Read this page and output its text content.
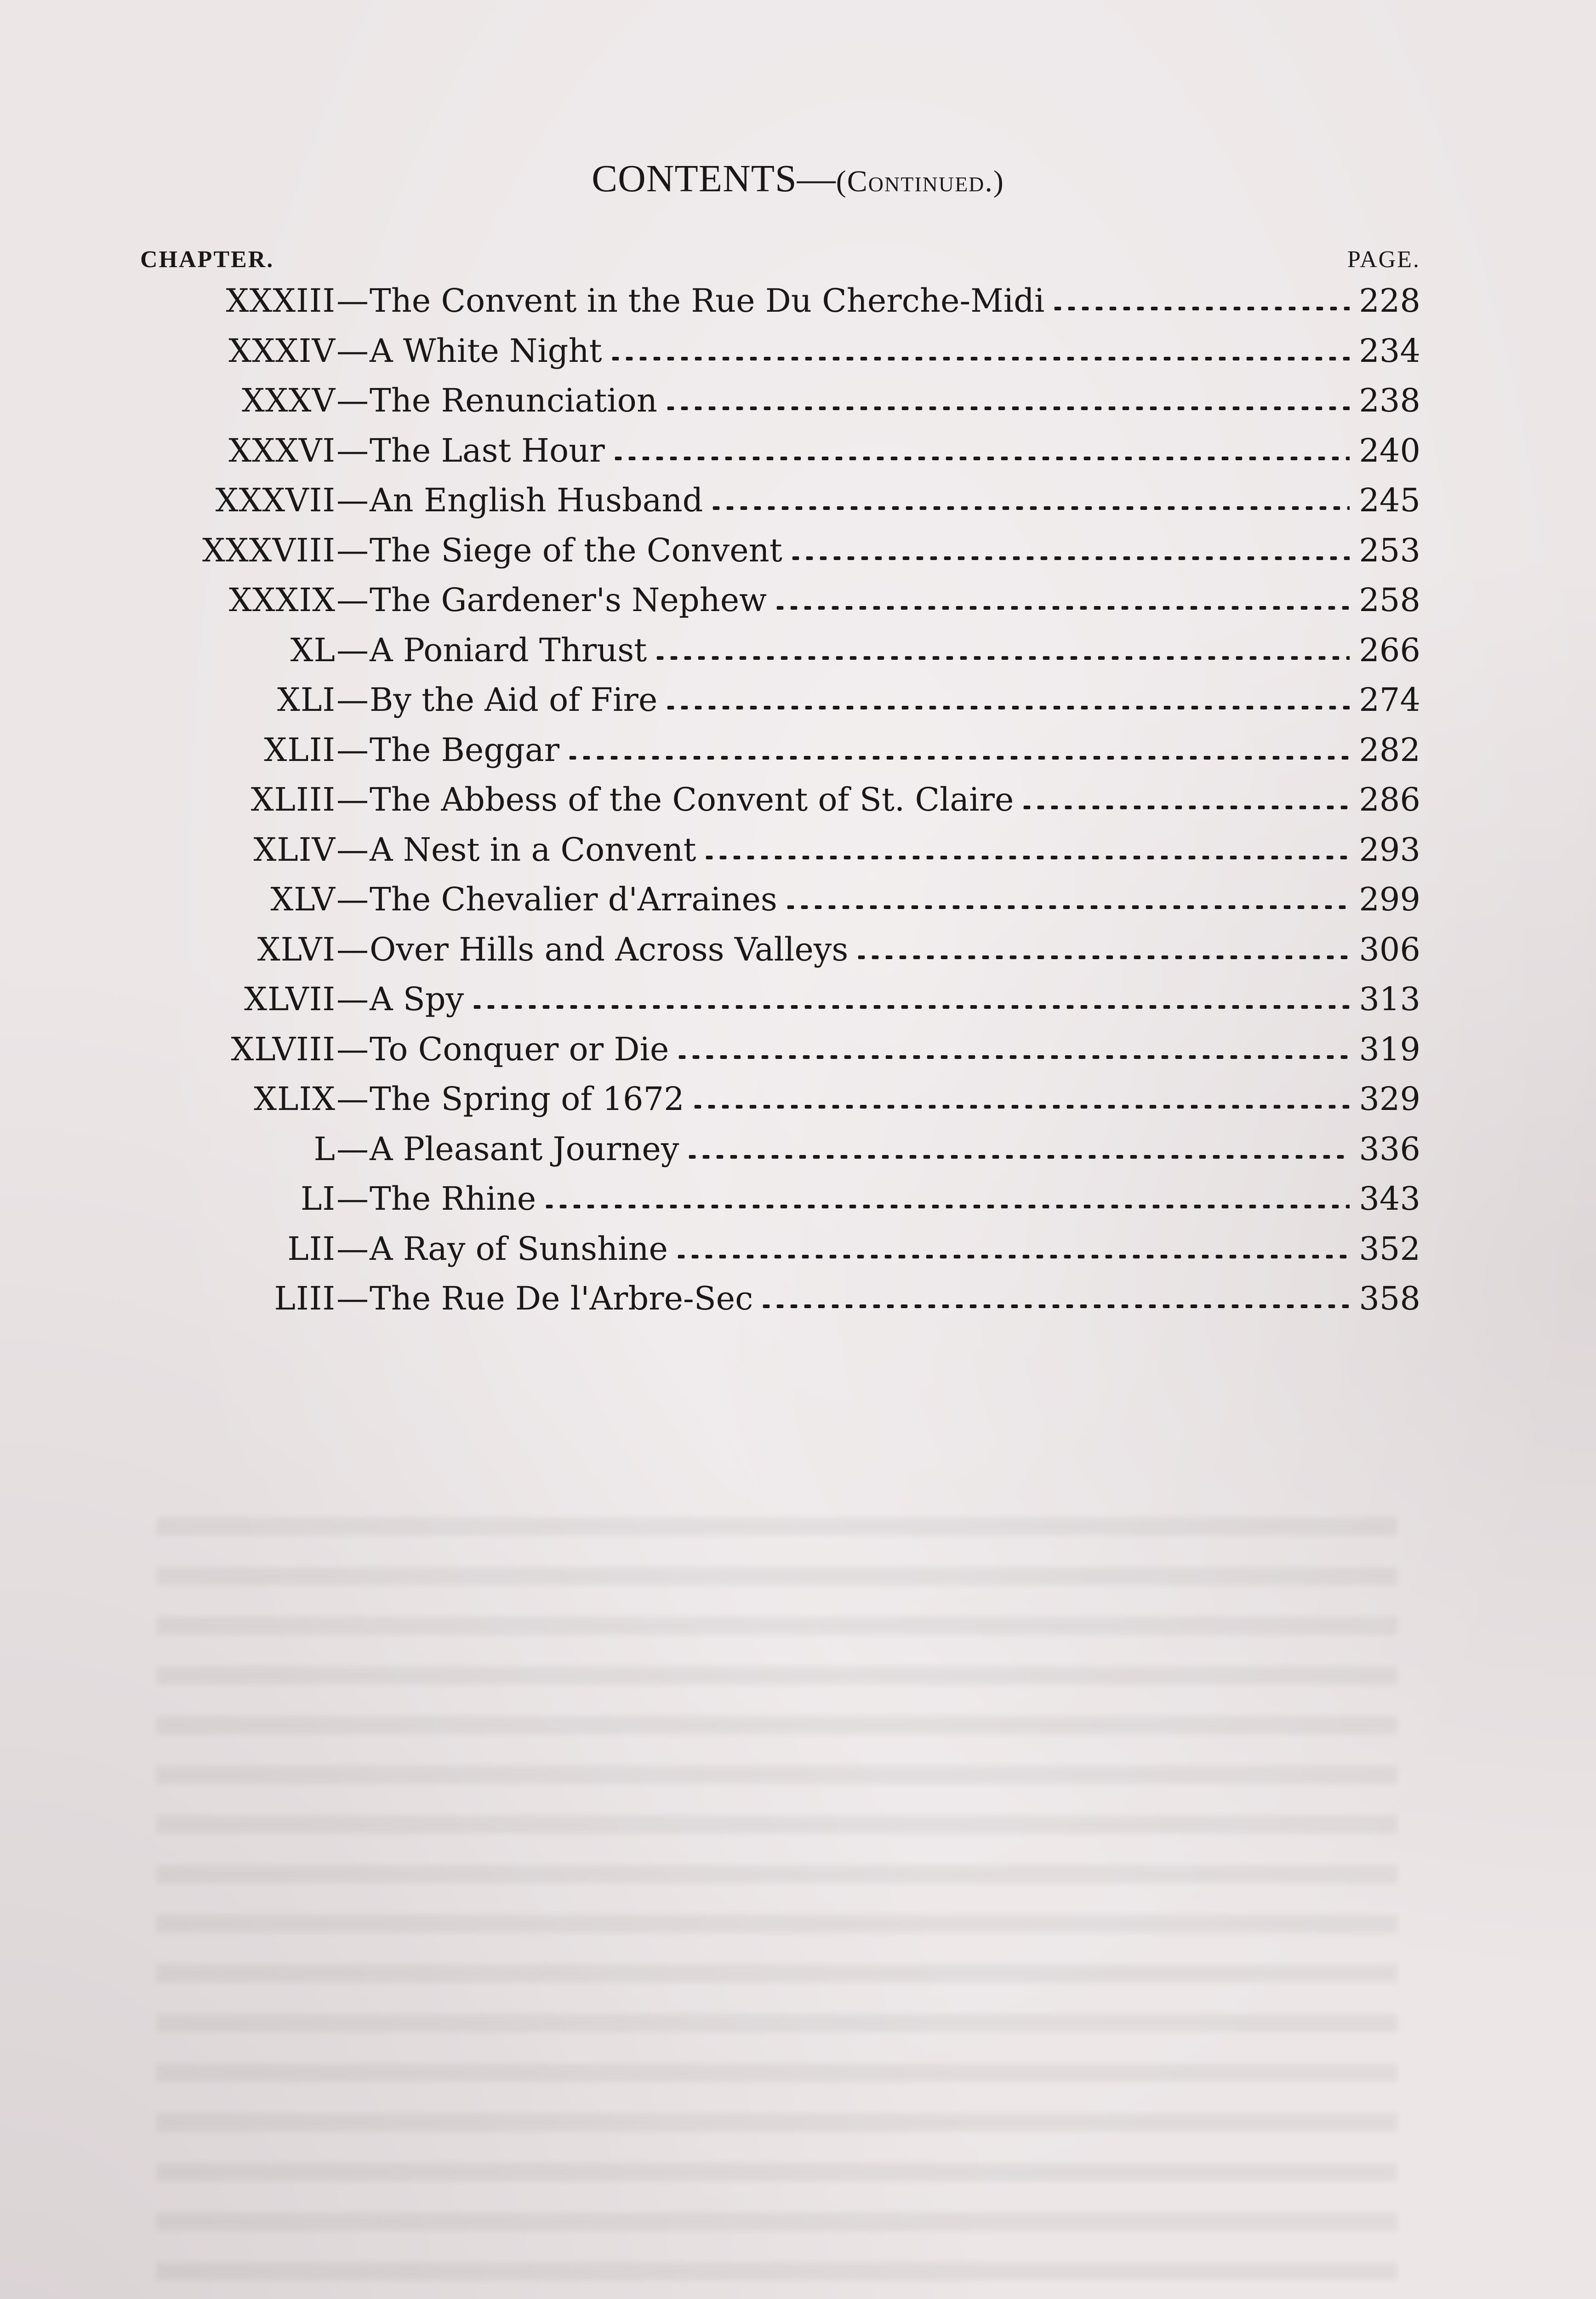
CONTENTS—(Continued.)
CHAPTER.	PAGE.
XXXIII — The Convent in the Rue Du Cherche-Midi	228
XXXIV — A White Night	234
XXXV — The Renunciation	238
XXXVI — The Last Hour	240
XXXVII — An English Husband	245
XXXVIII — The Siege of the Convent	253
XXXIX — The Gardener's Nephew	258
XL — A Poniard Thrust	266
XLI — By the Aid of Fire	274
XLII — The Beggar	282
XLIII — The Abbess of the Convent of St. Claire	286
XLIV — A Nest in a Convent	293
XLV — The Chevalier d'Arraines	299
XLVI — Over Hills and Across Valleys	306
XLVII — A Spy	313
XLVIII — To Conquer or Die	319
XLIX — The Spring of 1672	329
L — A Pleasant Journey	336
LI — The Rhine	343
LII — A Ray of Sunshine	352
LIII — The Rue De l'Arbre-Sec	358
